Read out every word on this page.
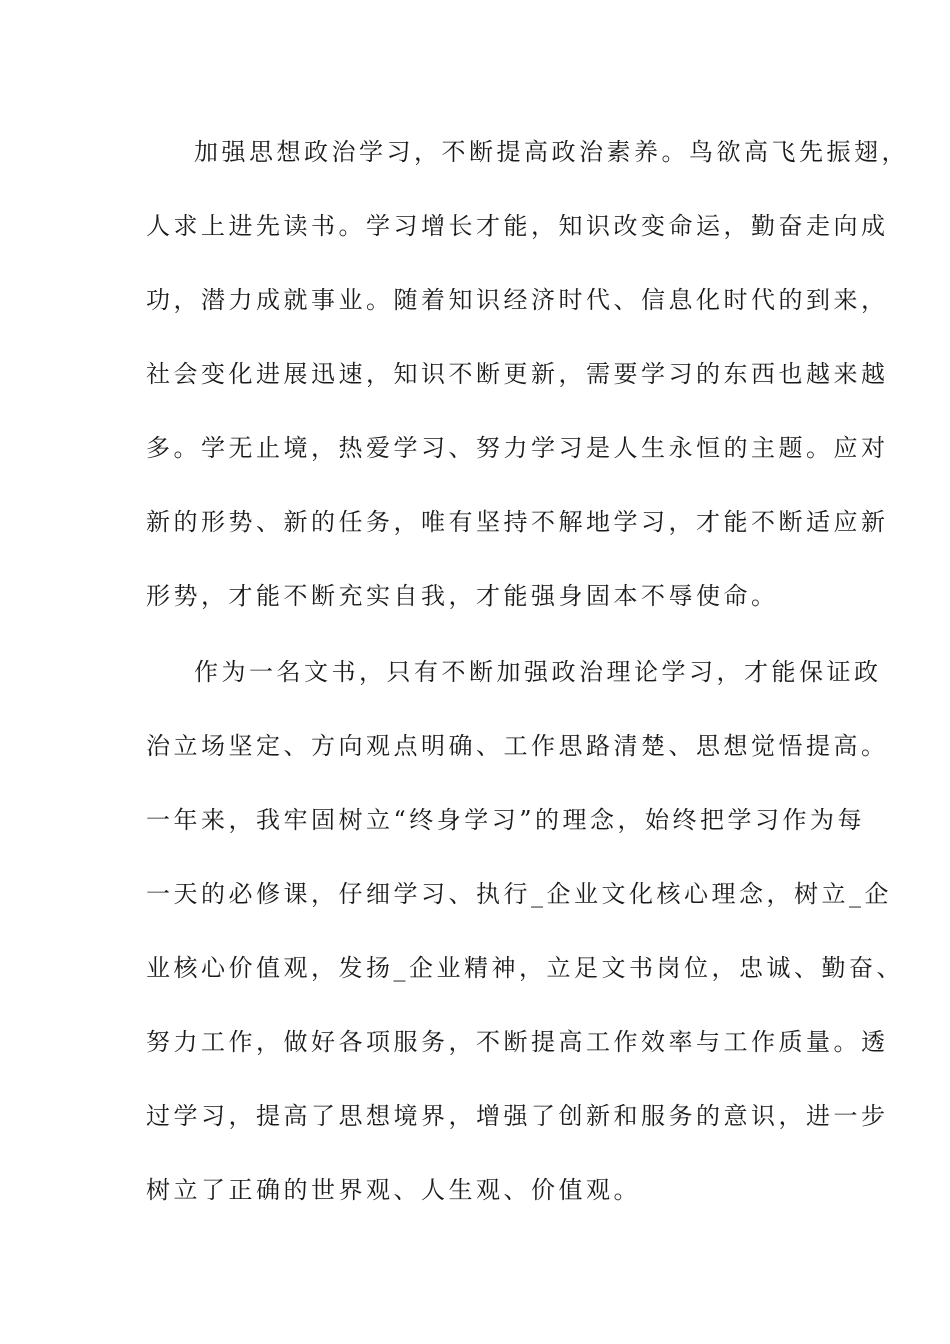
加强思想政治学习，不断提高政治素养。鸟欲高飞先振翅，
人求上进先读书。学习增长才能，知识改变命运，勤奋走向成
功，潜力成就事业。随着知识经济时代、信息化时代的到来，
社会变化进展迅速，知识不断更新，需要学习的东西也越来越
多。学无止境，热爱学习、努力学习是人生永恒的主题。应对
新的形势、新的任务，唯有坚持不解地学习，才能不断适应新
形势，才能不断充实自我，才能强身固本不辱使命。
作为一名文书，只有不断加强政治理论学习，才能保证政
治立场坚定、方向观点明确、工作思路清楚、思想觉悟提高。
一年来，我牢固树立“终身学习”的理念，始终把学习作为每
一天的必修课，仔细学习、执行_企业文化核心理念，树立_企
业核心价值观，发扬_企业精神，立足文书岗位，忠诚、勤奋、
努力工作，做好各项服务，不断提高工作效率与工作质量。透
过学习，提高了思想境界，增强了创新和服务的意识，进一步
树立了正确的世界观、人生观、价值观。
